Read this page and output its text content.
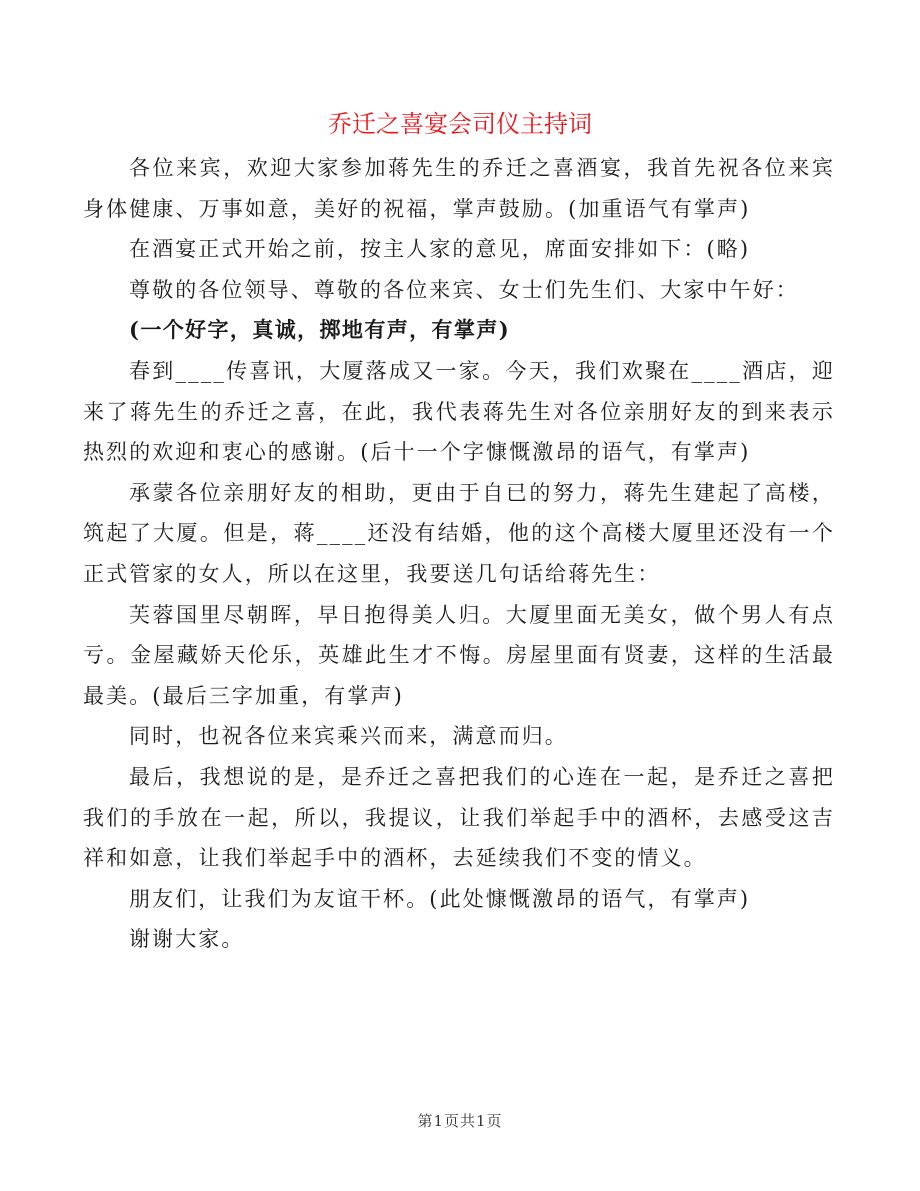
乔迁之喜宴会司仪主持词

各位来宾，欢迎大家参加蒋先生的乔迁之喜酒宴，我首先祝各位来宾身体健康、万事如意，美好的祝福，掌声鼓励。(加重语气有掌声)

在酒宴正式开始之前，按主人家的意见，席面安排如下：(略)

尊敬的各位领导、尊敬的各位来宾、女士们先生们、大家中午好：

(一个好字，真诚，掷地有声，有掌声)

春到____传喜讯，大厦落成又一家。今天，我们欢聚在____酒店，迎来了蒋先生的乔迁之喜，在此，我代表蒋先生对各位亲朋好友的到来表示热烈的欢迎和衷心的感谢。(后十一个字慷慨激昂的语气，有掌声)

承蒙各位亲朋好友的相助，更由于自已的努力，蒋先生建起了高楼，筑起了大厦。但是，蒋____还没有结婚，他的这个高楼大厦里还没有一个正式管家的女人，所以在这里，我要送几句话给蒋先生：

芙蓉国里尽朝晖，早日抱得美人归。大厦里面无美女，做个男人有点亏。金屋藏娇天伦乐，英雄此生才不悔。房屋里面有贤妻，这样的生活最最美。(最后三字加重，有掌声)

同时，也祝各位来宾乘兴而来，满意而归。

最后，我想说的是，是乔迁之喜把我们的心连在一起，是乔迁之喜把我们的手放在一起，所以，我提议，让我们举起手中的酒杯，去感受这吉祥和如意，让我们举起手中的酒杯，去延续我们不变的情义。

朋友们，让我们为友谊干杯。(此处慷慨激昂的语气，有掌声)

谢谢大家。

第1页共1页
